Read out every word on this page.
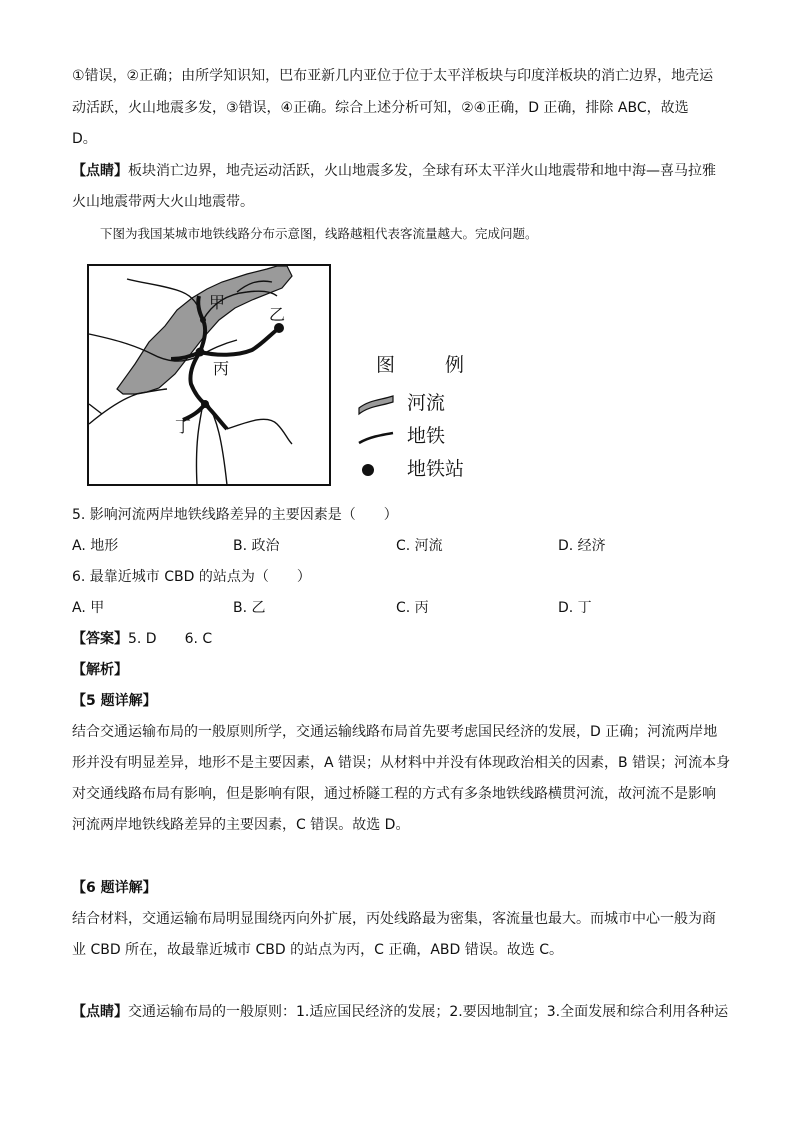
①错误，②正确；由所学知识知，巴布亚新几内亚位于位于太平洋板块与印度洋板块的消亡边界，地壳运

动活跃，火山地震多发，③错误，④正确。综合上述分析可知，②④正确，D 正确，排除 ABC，故选

D。

【点睛】板块消亡边界，地壳运动活跃，火山地震多发，全球有环太平洋火山地震带和地中海—喜马拉雅

火山地震带两大火山地震带。

下图为我国某城市地铁线路分布示意图，线路越粗代表客流量越大。完成问题。

甲
乙
丙
丁
图 例
河流
地铁
地铁站

5. 影响河流两岸地铁线路差异的主要因素是（　　）

A. 地形	B. 政治	C. 河流	D. 经济

6. 最靠近城市 CBD 的站点为（　　）

A. 甲	B. 乙	C. 丙	D. 丁

【答案】5. D　　6. C

【解析】

【5 题详解】

结合交通运输布局的一般原则所学，交通运输线路布局首先要考虑国民经济的发展，D 正确；河流两岸地

形并没有明显差异，地形不是主要因素，A 错误；从材料中并没有体现政治相关的因素，B 错误；河流本身

对交通线路布局有影响，但是影响有限，通过桥隧工程的方式有多条地铁线路横贯河流，故河流不是影响

河流两岸地铁线路差异的主要因素，C 错误。故选 D。

【6 题详解】

结合材料，交通运输布局明显围绕丙向外扩展，丙处线路最为密集，客流量也最大。而城市中心一般为商

业 CBD 所在，故最靠近城市 CBD 的站点为丙，C 正确，ABD 错误。故选 C。

【点睛】交通运输布局的一般原则：1.适应国民经济的发展；2.要因地制宜；3.全面发展和综合利用各种运
